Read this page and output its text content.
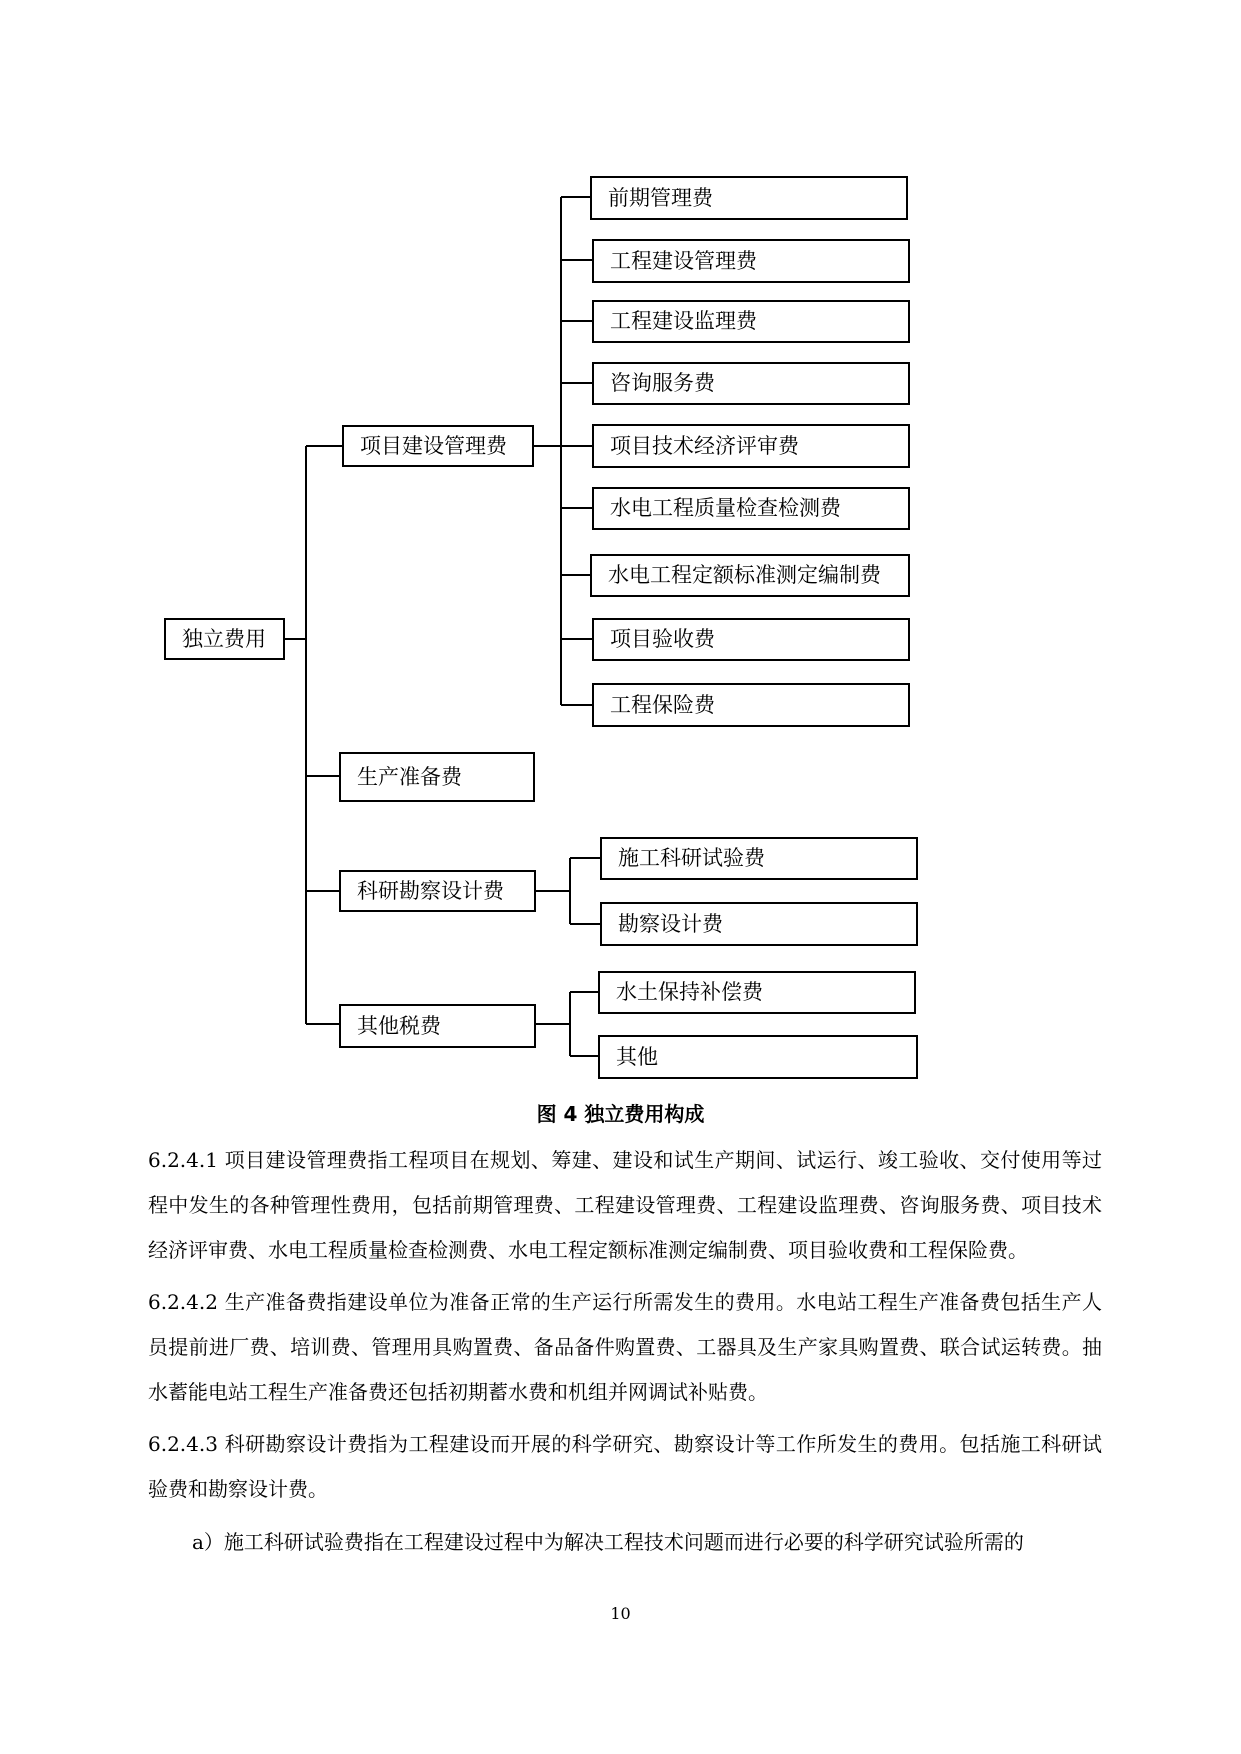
独立费用
项目建设管理费
生产准备费
科研勘察设计费
其他税费
前期管理费
工程建设管理费
工程建设监理费
咨询服务费
项目技术经济评审费
水电工程质量检查检测费
水电工程定额标准测定编制费
项目验收费
工程保险费
施工科研试验费
勘察设计费
水土保持补偿费
其他
图 4 独立费用构成

6.2.4.1 项目建设管理费指工程项目在规划、筹建、建设和试生产期间、试运行、竣工验收、交付使用等过程中发生的各种管理性费用，包括前期管理费、工程建设管理费、工程建设监理费、咨询服务费、项目技术经济评审费、水电工程质量检查检测费、水电工程定额标准测定编制费、项目验收费和工程保险费。

6.2.4.2 生产准备费指建设单位为准备正常的生产运行所需发生的费用。水电站工程生产准备费包括生产人员提前进厂费、培训费、管理用具购置费、备品备件购置费、工器具及生产家具购置费、联合试运转费。抽水蓄能电站工程生产准备费还包括初期蓄水费和机组并网调试补贴费。

6.2.4.3 科研勘察设计费指为工程建设而开展的科学研究、勘察设计等工作所发生的费用。包括施工科研试验费和勘察设计费。

a）施工科研试验费指在工程建设过程中为解决工程技术问题而进行必要的科学研究试验所需的

10
